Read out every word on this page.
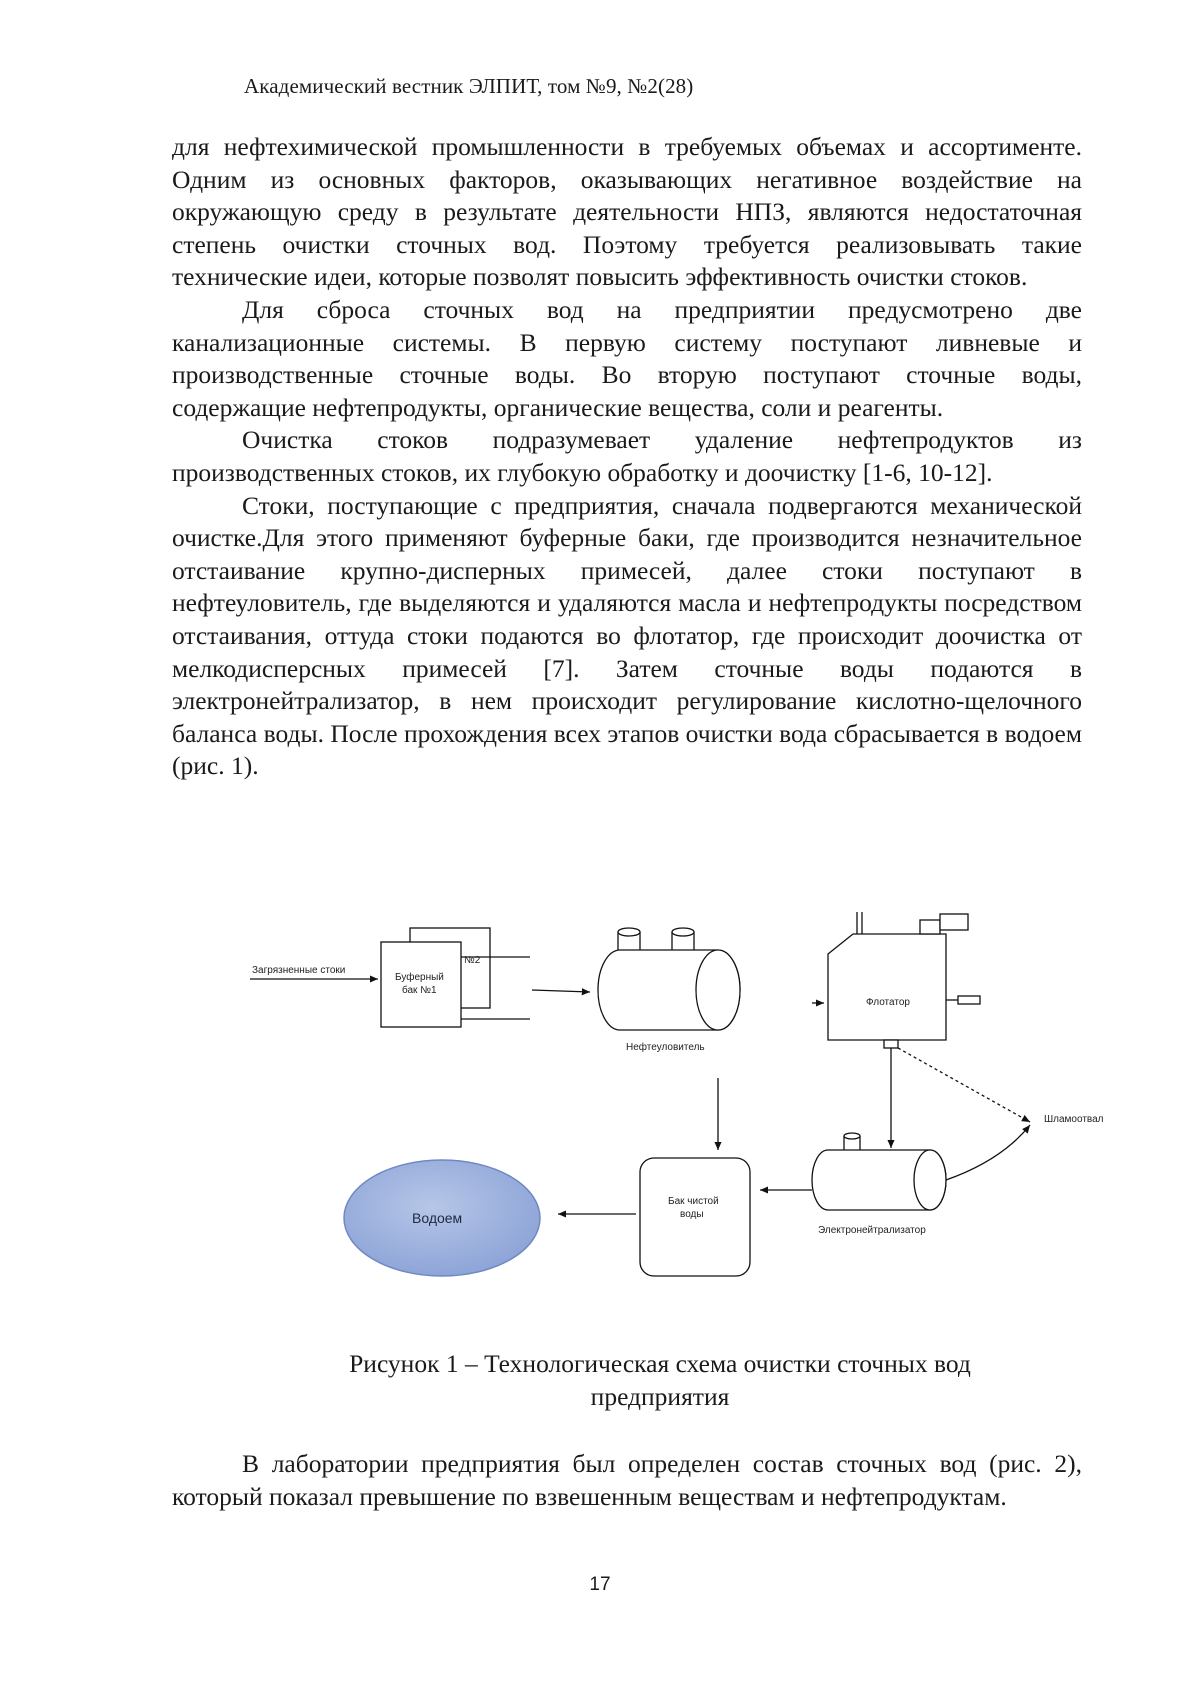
Академический вестник ЭЛПИТ, том №9, №2(28)

для нефтехимической промышленности в требуемых объемах и ассортименте. Одним из основных факторов, оказывающих негативное воздействие на окружающую среду в результате деятельности НПЗ, являются недостаточная степень очистки сточных вод. Поэтому требуется реализовывать такие технические идеи, которые позволят повысить эффективность очистки стоков.

Для сброса сточных вод на предприятии предусмотрено две канализационные системы. В первую систему поступают ливневые и производственные сточные воды. Во вторую поступают сточные воды, содержащие нефтепродукты, органические вещества, соли и реагенты.

Очистка стоков подразумевает удаление нефтепродуктов из производственных стоков, их глубокую обработку и доочистку [1-6, 10-12].

Стоки, поступающие с предприятия, сначала подвергаются механической очистке.Для этого применяют буферные баки, где производится незначительное отстаивание крупно-дисперных примесей, далее стоки поступают в нефтеуловитель, где выделяются и удаляются масла и нефтепродукты посредством отстаивания, оттуда стоки подаются во флотатор, где происходит доочистка от мелкодисперсных примесей [7]. Затем сточные воды подаются в электронейтрализатор, в нем происходит регулирование кислотно-щелочного баланса воды. После прохождения всех этапов очистки вода сбрасывается в водоем (рис. 1).

Загрязненные стоки
Буферный
бак №1
№2
Нефтеуловитель
Флотатор
Шламоотвал
Электронейтрализатор
Бак чистой
воды
Водоем
Рисунок 1 – Технологическая схема очистки сточных вод
предприятия

В лаборатории предприятия был определен состав сточных вод (рис. 2), который показал превышение по взвешенным веществам и нефтепродуктам.

17
